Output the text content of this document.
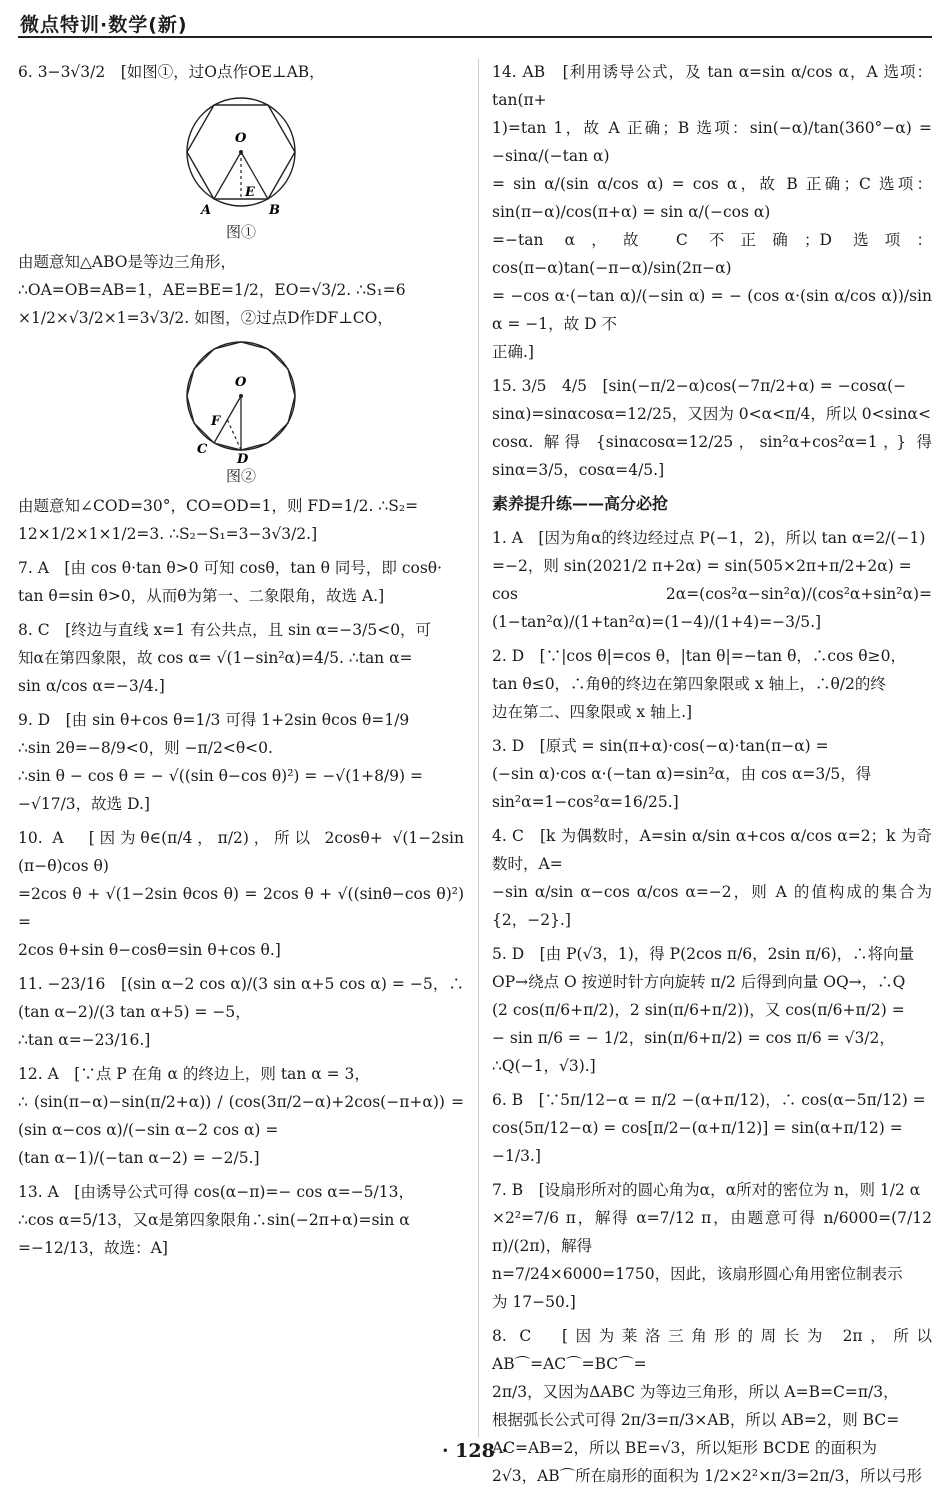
微点特训·数学(新)
6. 3−3√3/2　[如图①，过O点作OE⊥AB，
O
E
A	B
图①
由题意知△ABO是等边三角形，
∴OA=OB=AB=1，AE=BE=1/2，EO=√3/2. ∴S₁=6
×1/2×√3/2×1=3√3/2. 如图，②过点D作DF⊥CO，
O
F
C
D
图②
由题意知∠COD=30°，CO=OD=1，则 FD=1/2. ∴S₂=
12×1/2×1×1/2=3. ∴S₂−S₁=3−3√3/2.]
7. A　[由 cos θ·tan θ>0 可知 cosθ，tan θ 同号，即 cosθ·
tan θ=sin θ>0，从而θ为第一、二象限角，故选 A.]
8. C　[终边与直线 x=1 有公共点，且 sin α=−3/5<0，可
知α在第四象限，故 cos α= √(1−sin²α)=4/5. ∴tan α=
sin α/cos α=−3/4.]
9. D　[由 sin θ+cos θ=1/3 可得 1+2sin θcos θ=1/9
∴sin 2θ=−8/9<0，则 −π/2<θ<0.
∴sin θ − cos θ = − √((sin θ−cos θ)²) = −√(1+8/9) =
−√17/3，故选 D.]
10. A　[因为θ∈(π/4，π/2)，所以 2cosθ+ √(1−2sin (π−θ)cos θ)
=2cos θ + √(1−2sin θcos θ) = 2cos θ + √((sinθ−cos θ)²) =
2cos θ+sin θ−cosθ=sin θ+cos θ.]
11. −23/16　[(sin α−2 cos α)/(3 sin α+5 cos α) = −5，∴ (tan α−2)/(3 tan α+5) = −5，
∴tan α=−23/16.]
12. A　[∵点 P 在角 α 的终边上，则 tan α = 3，
∴ (sin(π−α)−sin(π/2+α)) / (cos(3π/2−α)+2cos(−π+α)) = (sin α−cos α)/(−sin α−2 cos α) =
(tan α−1)/(−tan α−2) = −2/5.]
13. A　[由诱导公式可得 cos(α−π)=− cos α=−5/13，
∴cos α=5/13，又α是第四象限角∴sin(−2π+α)=sin α
=−12/13，故选：A]
14. AB　[利用诱导公式，及 tan α=sin α/cos α，A 选项：tan(π+
1)=tan 1，故 A 正确；B 选项：sin(−α)/tan(360°−α) = −sinα/(−tan α)
= sin α/(sin α/cos α) = cos α，故 B 正确；C 选项：sin(π−α)/cos(π+α) = sin α/(−cos α)
=−tan α，故 C 不正确；D 选项：cos(π−α)tan(−π−α)/sin(2π−α)
= −cos α·(−tan α)/(−sin α) = − (cos α·(sin α/cos α))/sin α = −1，故 D 不
正确.]
15. 3/5　4/5　[sin(−π/2−α)cos(−7π/2+α) = −cosα(−
sinα)=sinαcosα=12/25，又因为 0<α<π/4，所以 0<sinα<
cosα. 解得 {sinαcosα=12/25，sin²α+cos²α=1，} 得 sinα=3/5，cosα=4/5.]
素养提升练——高分必抢
1. A　[因为角α的终边经过点 P(−1，2)，所以 tan α=2/(−1)
=−2，则 sin(2021/2 π+2α) = sin(505×2π+π/2+2α) =
cos 2α=(cos²α−sin²α)/(cos²α+sin²α)=(1−tan²α)/(1+tan²α)=(1−4)/(1+4)=−3/5.]
2. D　[∵|cos θ|=cos θ，|tan θ|=−tan θ，∴cos θ≥0，
tan θ≤0，∴角θ的终边在第四象限或 x 轴上，∴θ/2的终
边在第二、四象限或 x 轴上.]
3. D　[原式 = sin(π+α)·cos(−α)·tan(π−α) =
(−sin α)·cos α·(−tan α)=sin²α，由 cos α=3/5，得
sin²α=1−cos²α=16/25.]
4. C　[k 为偶数时，A=sin α/sin α+cos α/cos α=2；k 为奇数时，A=
−sin α/sin α−cos α/cos α=−2，则 A 的值构成的集合为{2，−2}.]
5. D　[由 P(√3，1)，得 P(2cos π/6，2sin π/6)，∴将向量
OP→绕点 O 按逆时针方向旋转 π/2 后得到向量 OQ→，∴Q
(2 cos(π/6+π/2)，2 sin(π/6+π/2))，又 cos(π/6+π/2) =
− sin π/6 = − 1/2，sin(π/6+π/2) = cos π/6 = √3/2，
∴Q(−1，√3).]
6. B　[∵5π/12−α = π/2 −(α+π/12)，∴ cos(α−5π/12) =
cos(5π/12−α) = cos[π/2−(α+π/12)] = sin(α+π/12) =
−1/3.]
7. B　[设扇形所对的圆心角为α，α所对的密位为 n，则 1/2 α
×2²=7/6 π，解得 α=7/12 π，由题意可得 n/6000=(7/12 π)/(2π)，解得
n=7/24×6000=1750，因此，该扇形圆心角用密位制表示
为 17−50.]
8. C　[因为莱洛三角形的周长为 2π，所以 AB⌒=AC⌒=BC⌒=
2π/3，又因为ΔABC 为等边三角形，所以 A=B=C=π/3，
根据弧长公式可得 2π/3=π/3×AB，所以 AB=2，则 BC=
AC=AB=2，所以 BE=√3，所以矩形 BCDE 的面积为
2√3，AB⌒所在扇形的面积为 1/2×2²×π/3=2π/3，所以弓形
· 128 ·
